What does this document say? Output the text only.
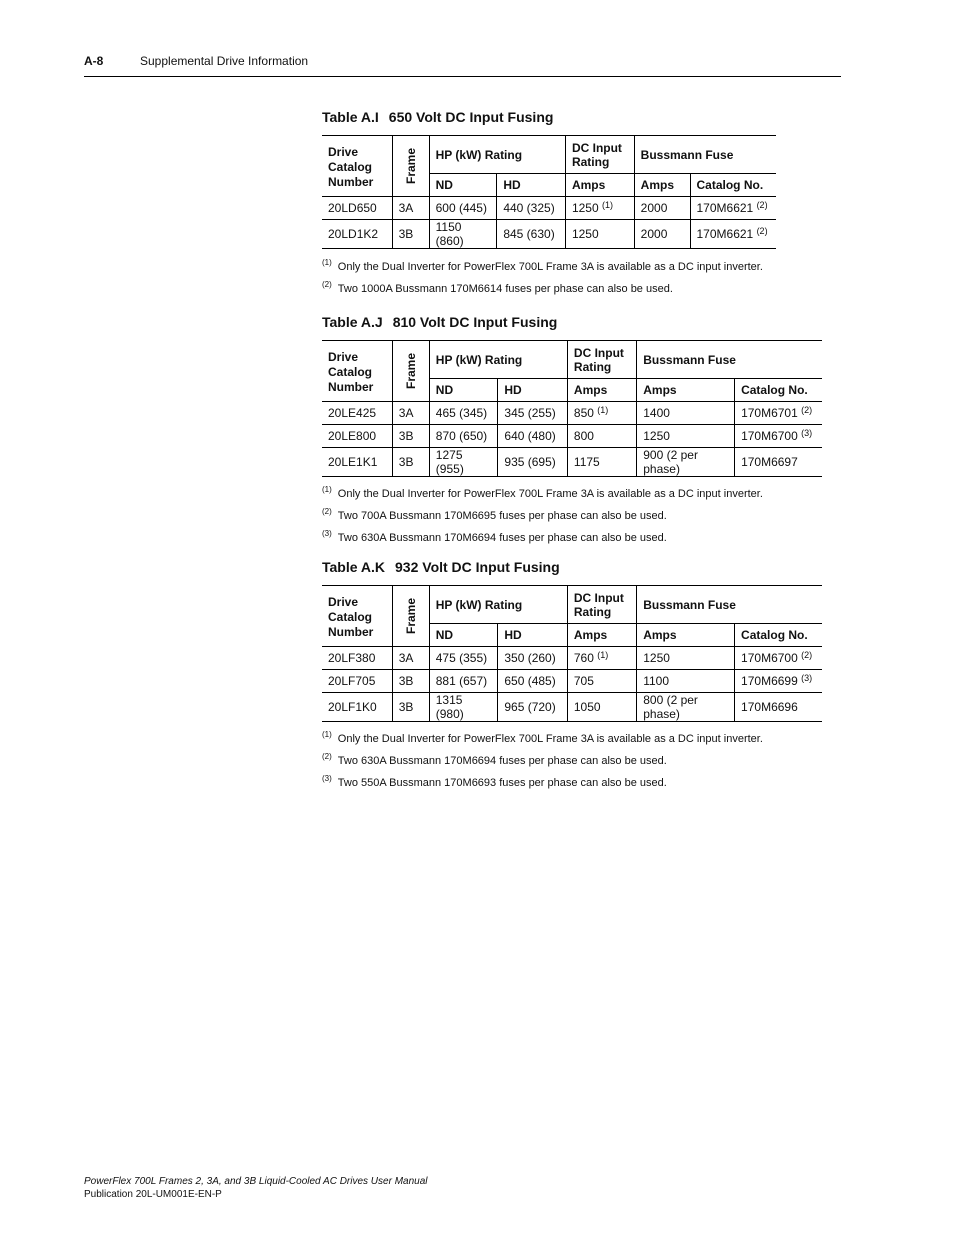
A-8	Supplemental Drive Information
Table A.I 650 Volt DC Input Fusing
Drive
Catalog
Number	Frame	HP (kW) Rating		DC Input
Rating	Bussmann Fuse	
		ND	HD	Amps	Amps	Catalog No.
20LD650	3A	600 (445)	440 (325)	1250 $^{(1)}$	2000	170M6621 $^{(2)}$
20LD1K2	3B	1150 (860)	845 (630)	1250	2000	170M6621 $^{(2)}$
$^{(1)}$ Only the Dual Inverter for PowerFlex 700L Frame 3A is available as a DC input inverter.
$^{(2)}$ Two 1000A Bussmann 170M6614 fuses per phase can also be used.
Table A.J 810 Volt DC Input Fusing
Drive
Catalog
Number	Frame	HP (kW) Rating		DC Input
Rating	Bussmann Fuse	
		ND	HD	Amps	Amps	Catalog No.
20LE425	3A	465 (345)	345 (255)	850 $^{(1)}$	1400	170M6701 $^{(2)}$
20LE800	3B	870 (650)	640 (480)	800	1250	170M6700 $^{(3)}$
20LE1K1	3B	1275 (955)	935 (695)	1175	900 (2 per phase)	170M6697
$^{(1)}$ Only the Dual Inverter for PowerFlex 700L Frame 3A is available as a DC input inverter.
$^{(2)}$ Two 700A Bussmann 170M6695 fuses per phase can also be used.
$^{(3)}$ Two 630A Bussmann 170M6694 fuses per phase can also be used.
Table A.K 932 Volt DC Input Fusing
Drive
Catalog
Number	Frame	HP (kW) Rating		DC Input
Rating	Bussmann Fuse	
		ND	HD	Amps	Amps	Catalog No.
20LF380	3A	475 (355)	350 (260)	760 $^{(1)}$	1250	170M6700 $^{(2)}$
20LF705	3B	881 (657)	650 (485)	705	1100	170M6699 $^{(3)}$
20LF1K0	3B	1315 (980)	965 (720)	1050	800 (2 per phase)	170M6696
$^{(1)}$ Only the Dual Inverter for PowerFlex 700L Frame 3A is available as a DC input inverter.
$^{(2)}$ Two 630A Bussmann 170M6694 fuses per phase can also be used.
$^{(3)}$ Two 550A Bussmann 170M6693 fuses per phase can also be used.
PowerFlex 700L Frames 2, 3A, and 3B Liquid-Cooled AC Drives User Manual
Publication 20L-UM001E-EN-P
